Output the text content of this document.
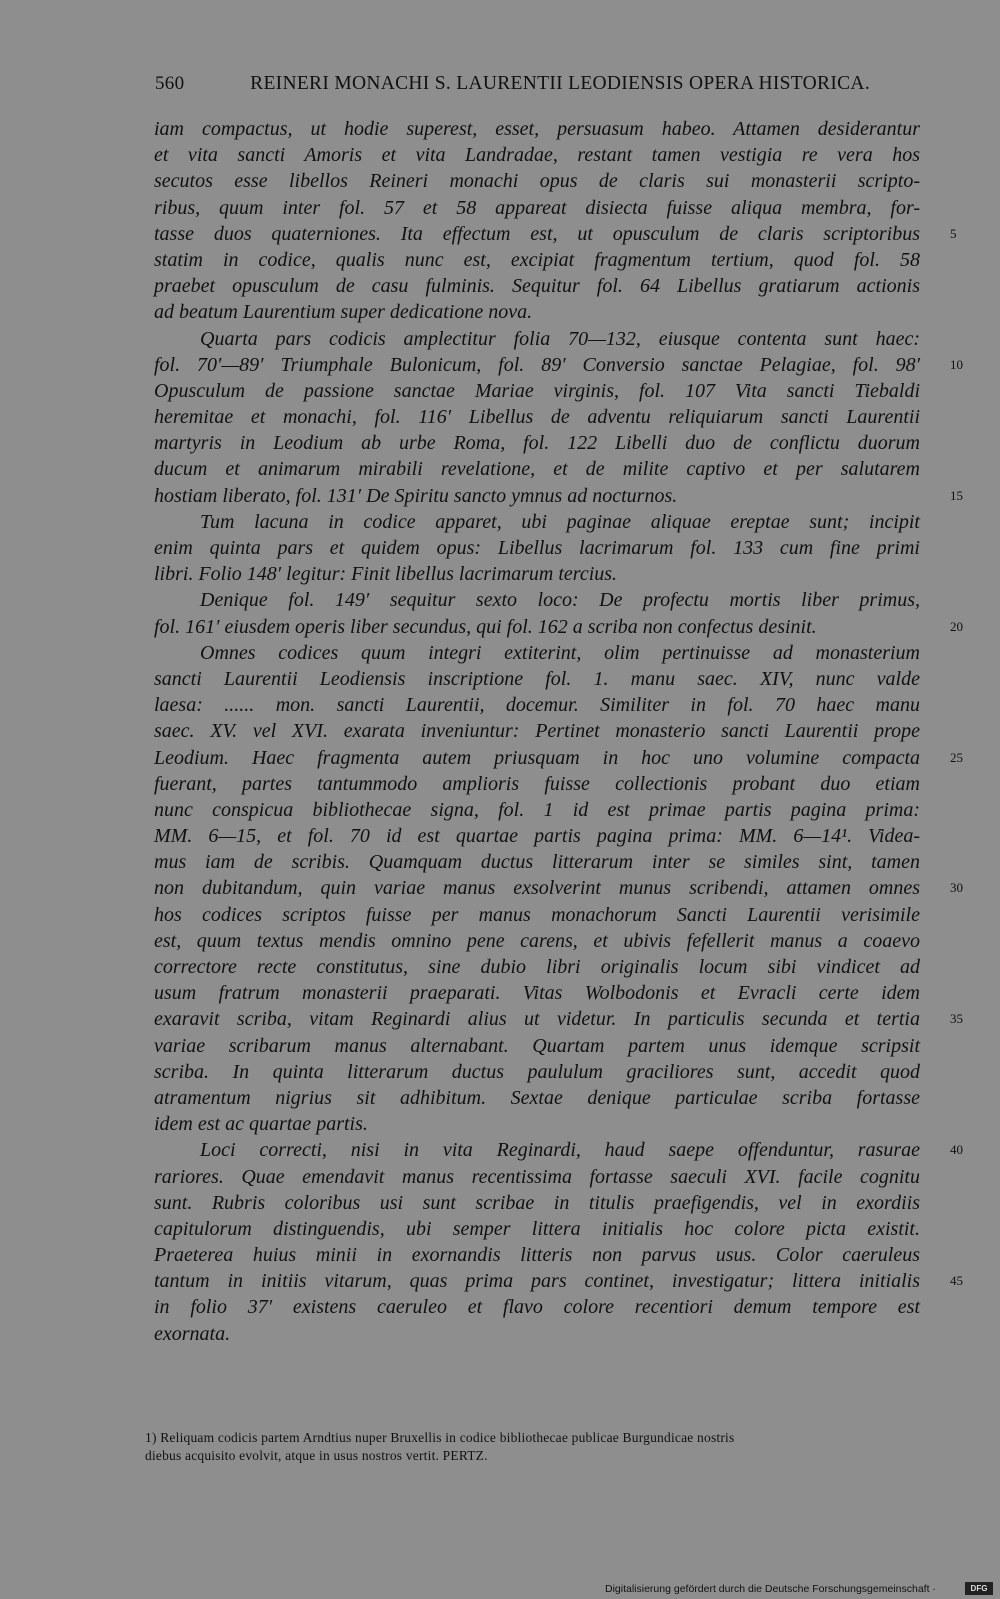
560	REINERI MONACHI S. LAURENTII LEODIENSIS OPERA HISTORICA.
iam compactus, ut hodie superest, esset, persuasum habeo. Attamen desiderantur
et vita sancti Amoris et vita Landradae, restant tamen vestigia re vera hos
secutos esse libellos Reineri monachi opus de claris sui monasterii scripto-
ribus, quum inter fol. 57 et 58 appareat disiecta fuisse aliqua membra, for-
tasse duos quaterniones. Ita effectum est, ut opusculum de claris scriptoribus 5
statim in codice, qualis nunc est, excipiat fragmentum tertium, quod fol. 58
praebet opusculum de casu fulminis. Sequitur fol. 64 Libellus gratiarum actionis
ad beatum Laurentium super dedicatione nova.
Quarta pars codicis amplectitur folia 70—132, eiusque contenta sunt haec:
fol. 70′—89′ Triumphale Bulonicum, fol. 89′ Conversio sanctae Pelagiae, fol. 98′ 10
Opusculum de passione sanctae Mariae virginis, fol. 107 Vita sancti Tiebaldi
heremitae et monachi, fol. 116′ Libellus de adventu reliquiarum sancti Laurentii
martyris in Leodium ab urbe Roma, fol. 122 Libelli duo de conflictu duorum
ducum et animarum mirabili revelatione, et de milite captivo et per salutarem
hostiam liberato, fol. 131′ De Spiritu sancto ymnus ad nocturnos.	15
Tum lacuna in codice apparet, ubi paginae aliquae ereptae sunt; incipit
enim quinta pars et quidem opus: Libellus lacrimarum fol. 133 cum fine primi
libri. Folio 148′ legitur: Finit libellus lacrimarum tercius.
Denique fol. 149′ sequitur sexto loco: De profectu mortis liber primus,
fol. 161′ eiusdem operis liber secundus, qui fol. 162 a scriba non confectus desinit.	20
Omnes codices quum integri extiterint, olim pertinuisse ad monasterium
sancti Laurentii Leodiensis inscriptione fol. 1. manu saec. XIV, nunc valde
laesa: ...... mon. sancti Laurentii, docemur. Similiter in fol. 70 haec manu
saec. XV. vel XVI. exarata inveniuntur: Pertinet monasterio sancti Laurentii prope
Leodium. Haec fragmenta autem priusquam in hoc uno volumine compacta 25
fuerant, partes tantummodo amplioris fuisse collectionis probant duo etiam
nunc conspicua bibliothecae signa, fol. 1 id est primae partis pagina prima:
MM. 6—15, et fol. 70 id est quartae partis pagina prima: MM. 6—14¹. Videa-
mus iam de scribis. Quamquam ductus litterarum inter se similes sint, tamen
non dubitandum, quin variae manus exsolverint munus scribendi, attamen omnes 30
hos codices scriptos fuisse per manus monachorum Sancti Laurentii verisimile
est, quum textus mendis omnino pene carens, et ubivis fefellerit manus a coaevo
correctore recte constitutus, sine dubio libri originalis locum sibi vindicet ad
usum fratrum monasterii praeparati. Vitas Wolbodonis et Evracli certe idem
exaravit scriba, vitam Reginardi alius ut videtur. In particulis secunda et tertia 35
variae scribarum manus alternabant. Quartam partem unus idemque scripsit
scriba. In quinta litterarum ductus paululum graciliores sunt, accedit quod
atramentum nigrius sit adhibitum. Sextae denique particulae scriba fortasse
idem est ac quartae partis.
Loci correcti, nisi in vita Reginardi, haud saepe offenduntur, rasurae 40
rariores. Quae emendavit manus recentissima fortasse saeculi XVI. facile cognitu
sunt. Rubris coloribus usi sunt scribae in titulis praefigendis, vel in exordiis
capitulorum distinguendis, ubi semper littera initialis hoc colore picta existit.
Praeterea huius minii in exornandis litteris non parvus usus. Color caeruleus
tantum in initiis vitarum, quas prima pars continet, investigatur; littera initialis 45
in folio 37′ existens caeruleo et flavo colore recentiori demum tempore est
exornata.
1) Reliquam codicis partem Arndtius nuper Bruxellis in codice bibliothecae publicae Burgundicae nostris
diebus acquisito evolvit, atque in usus nostros vertit. PERTZ.
Digitalisierung gefördert durch die Deutsche Forschungsgemeinschaft ·	DFG
